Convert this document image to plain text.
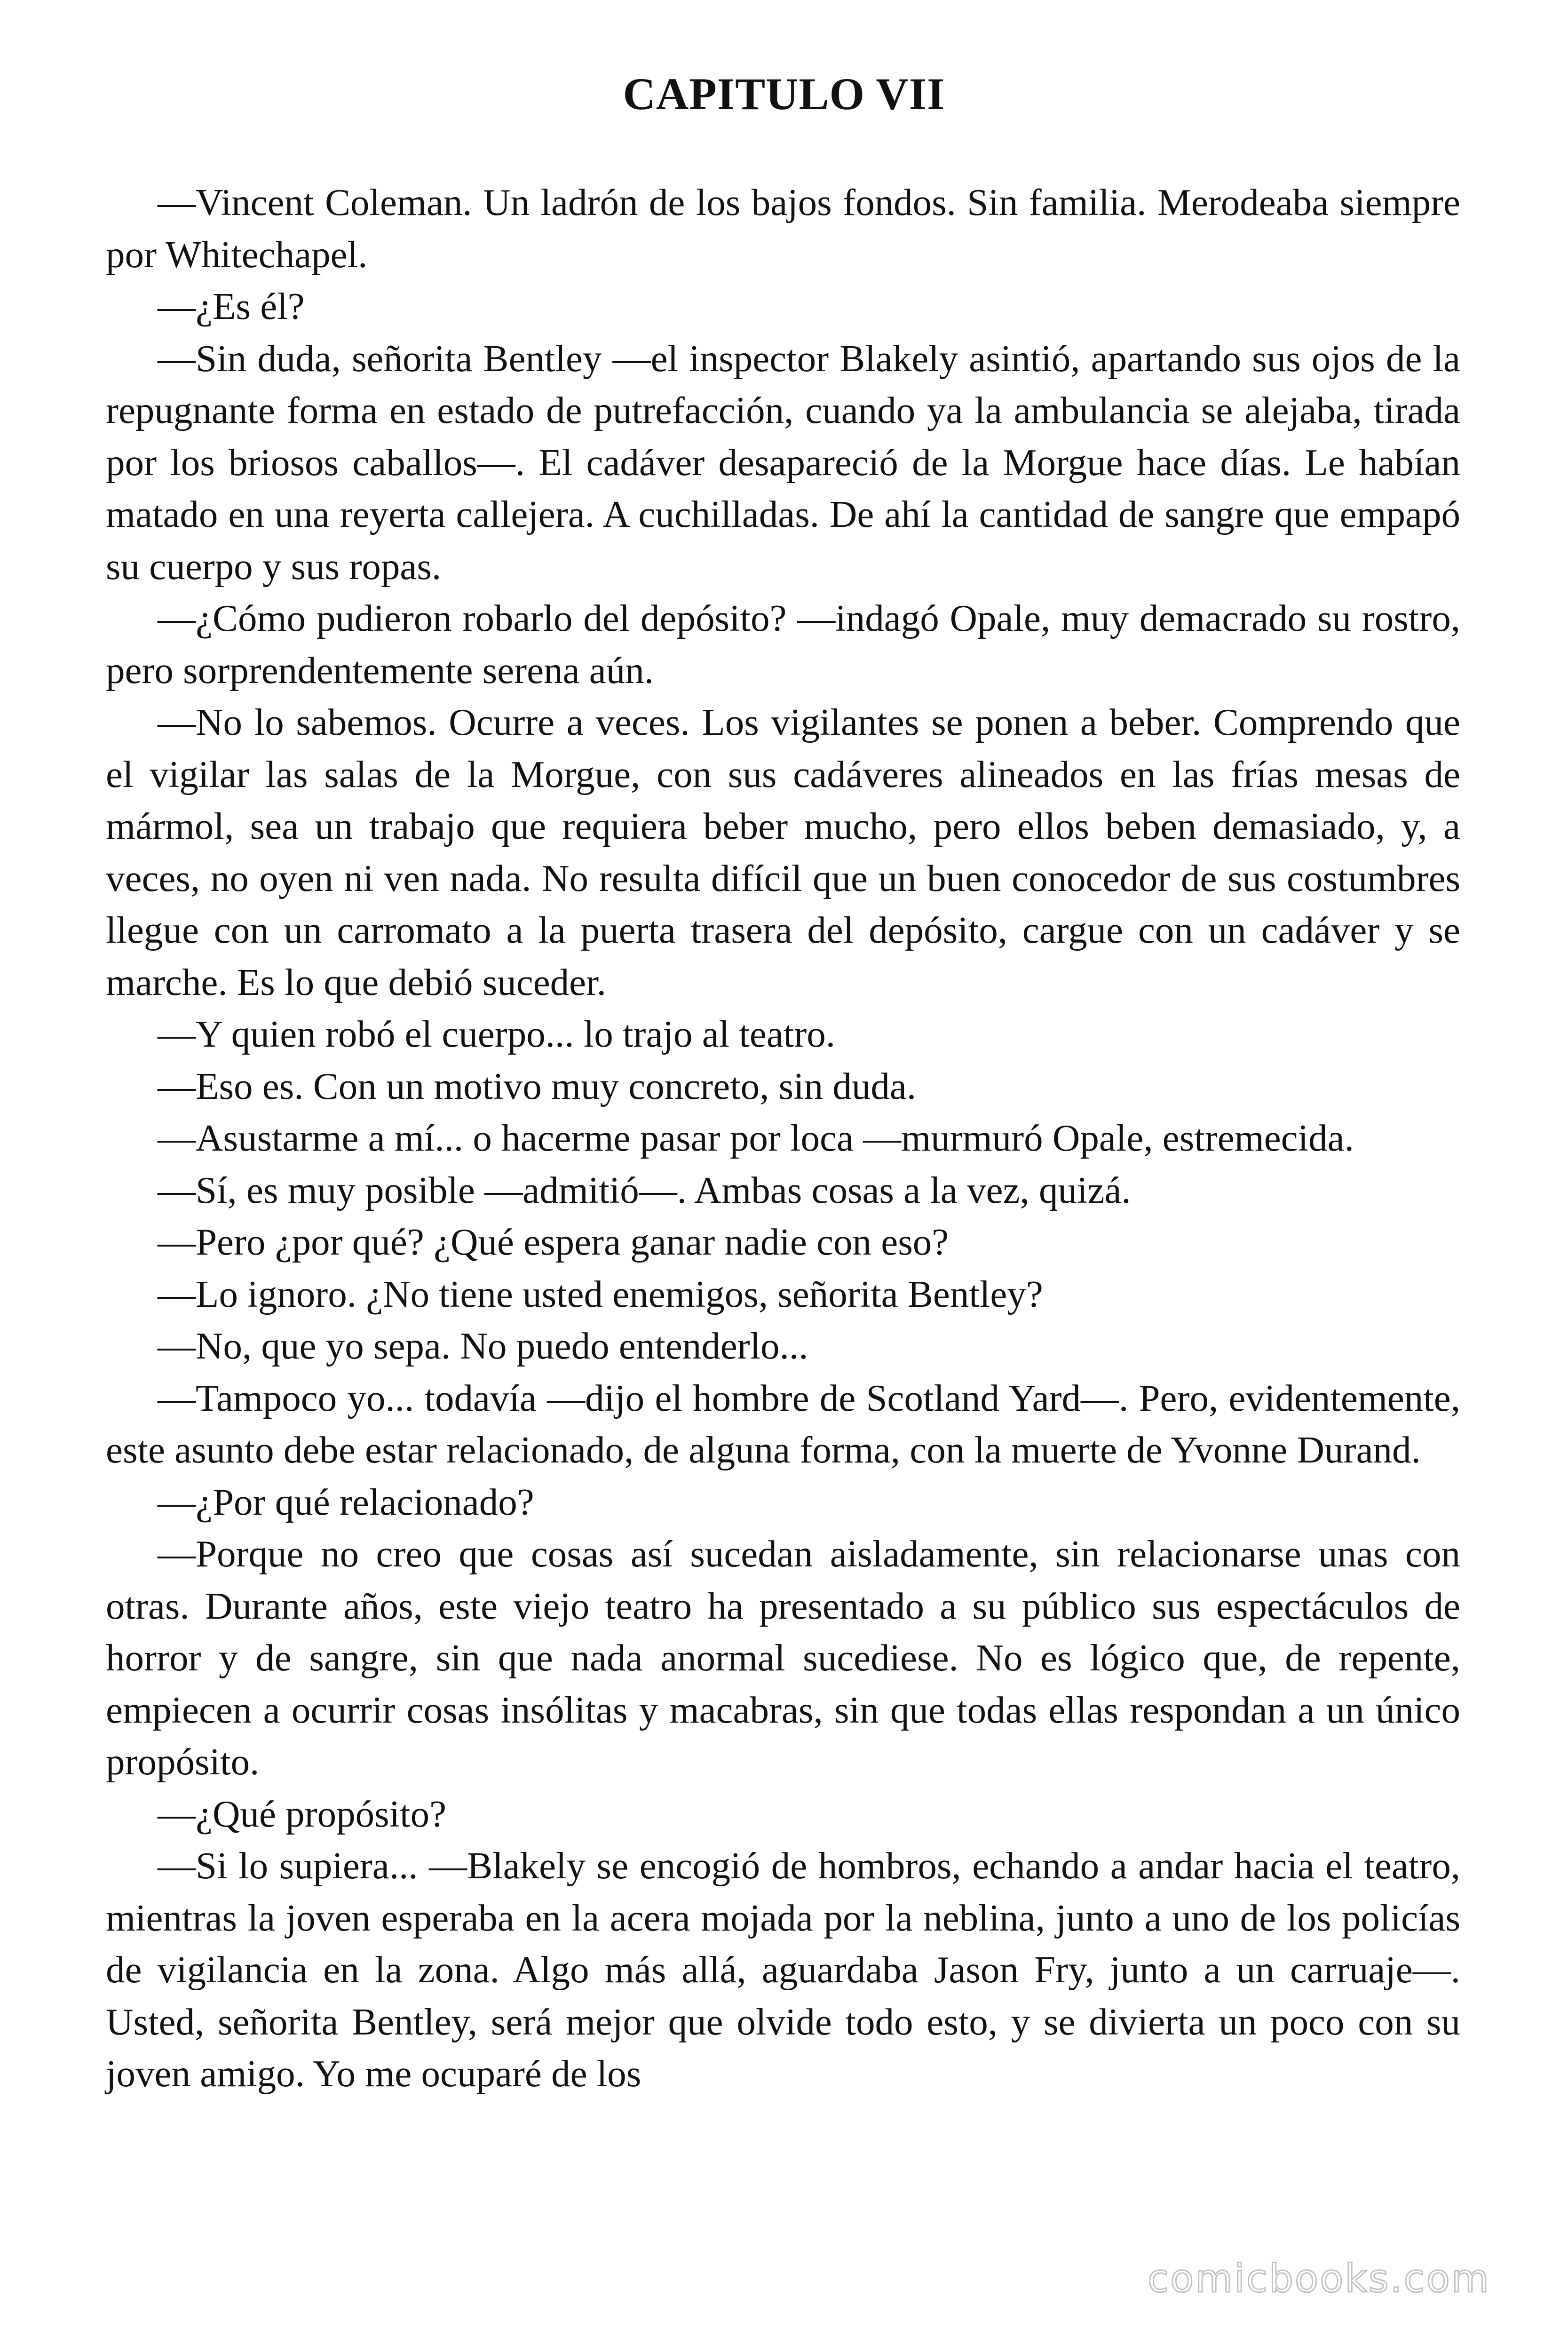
CAPITULO VII

—Vincent Coleman. Un ladrón de los bajos fondos. Sin familia. Merodeaba siempre por Whitechapel.

—¿Es él?

—Sin duda, señorita Bentley —el inspector Blakely asintió, apartando sus ojos de la repugnante forma en estado de putrefacción, cuando ya la ambulancia se alejaba, tirada por los briosos caballos—. El cadáver desapareció de la Morgue hace días. Le habían matado en una reyerta callejera. A cuchilladas. De ahí la cantidad de sangre que empapó su cuerpo y sus ropas.

—¿Cómo pudieron robarlo del depósito? —indagó Opale, muy demacrado su rostro, pero sorprendentemente serena aún.

—No lo sabemos. Ocurre a veces. Los vigilantes se ponen a beber. Comprendo que el vigilar las salas de la Morgue, con sus cadáveres alineados en las frías mesas de mármol, sea un trabajo que requiera beber mucho, pero ellos beben demasiado, y, a veces, no oyen ni ven nada. No resulta difícil que un buen conocedor de sus costumbres llegue con un carromato a la puerta trasera del depósito, cargue con un cadáver y se marche. Es lo que debió suceder.

—Y quien robó el cuerpo... lo trajo al teatro.

—Eso es. Con un motivo muy concreto, sin duda.

—Asustarme a mí... o hacerme pasar por loca —murmuró Opale, estremecida.

—Sí, es muy posible —admitió—. Ambas cosas a la vez, quizá.

—Pero ¿por qué? ¿Qué espera ganar nadie con eso?

—Lo ignoro. ¿No tiene usted enemigos, señorita Bentley?

—No, que yo sepa. No puedo entenderlo...

—Tampoco yo... todavía —dijo el hombre de Scotland Yard—. Pero, evidentemente, este asunto debe estar relacionado, de alguna forma, con la muerte de Yvonne Durand.

—¿Por qué relacionado?

—Porque no creo que cosas así sucedan aisladamente, sin relacionarse unas con otras. Durante años, este viejo teatro ha presentado a su público sus espectáculos de horror y de sangre, sin que nada anormal sucediese. No es lógico que, de repente, empiecen a ocurrir cosas insólitas y macabras, sin que todas ellas respondan a un único propósito.

—¿Qué propósito?

—Si lo supiera... —Blakely se encogió de hombros, echando a andar hacia el teatro, mientras la joven esperaba en la acera mojada por la neblina, junto a uno de los policías de vigilancia en la zona. Algo más allá, aguardaba Jason Fry, junto a un carruaje—. Usted, señorita Bentley, será mejor que olvide todo esto, y se divierta un poco con su joven amigo. Yo me ocuparé de los

comicbooks.com
